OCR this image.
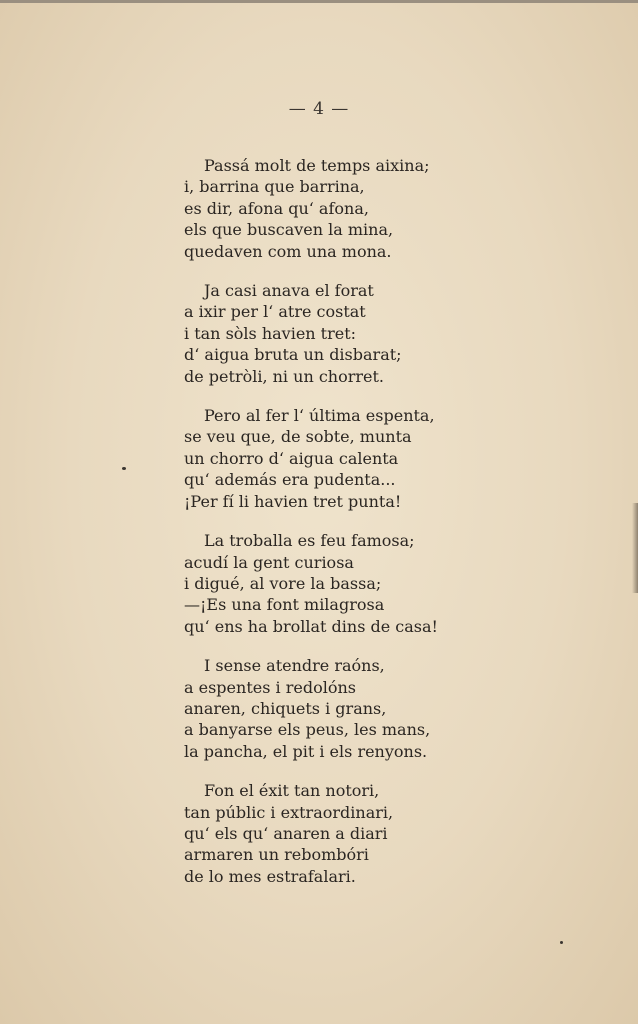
— 4 —
Passá molt de temps aixina;
i, barrina que barrina,
es dir, afona qu‘ afona,
els que buscaven la mina,
quedaven com una mona.
Ja casi anava el forat
a ixir per l‘ atre costat
i tan sòls havien tret:
d‘ aigua bruta un disbarat;
de petròli, ni un chorret.
Pero al fer l‘ última espenta,
se veu que, de sobte, munta
un chorro d‘ aigua calenta
qu‘ además era pudenta...
¡Per fí li havien tret punta!
La troballa es feu famosa;
acudí la gent curiosa
i digué, al vore la bassa;
—¡Es una font milagrosa
qu‘ ens ha brollat dins de casa!
I sense atendre raóns,
a espentes i redolóns
anaren, chiquets i grans,
a banyarse els peus, les mans,
la pancha, el pit i els renyons.
Fon el éxit tan notori,
tan públic i extraordinari,
qu‘ els qu‘ anaren a diari
armaren un rebombóri
de lo mes estrafalari.
